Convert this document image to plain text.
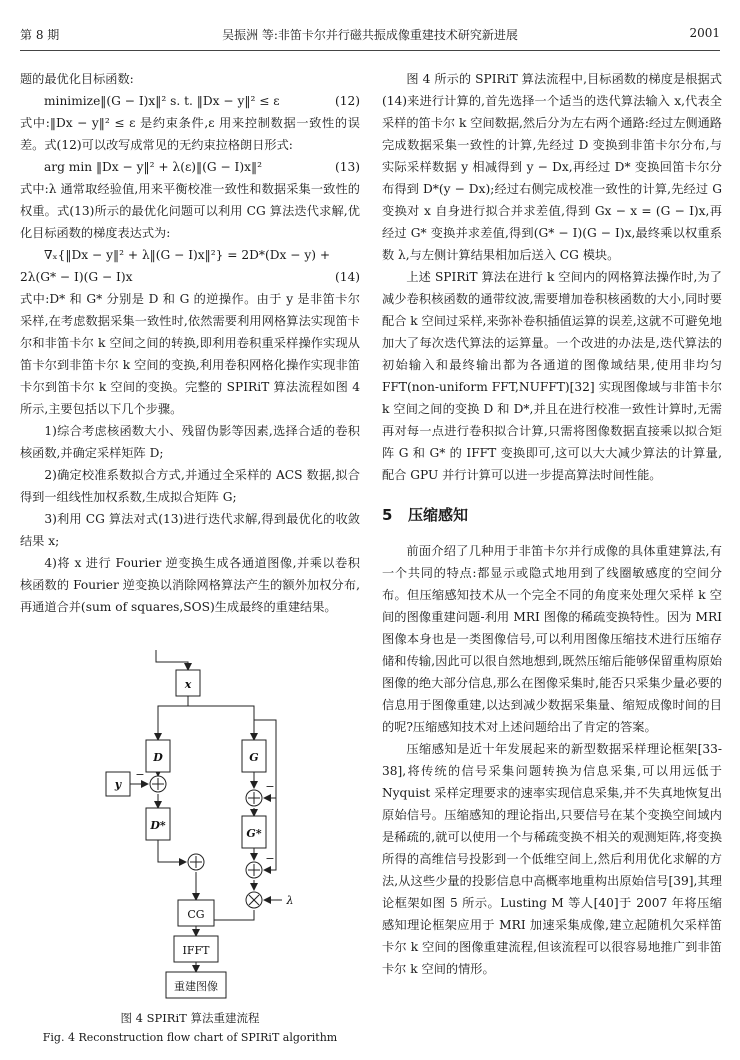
第 8 期	吴振洲 等:非笛卡尔并行磁共振成像重建技术研究新进展	2001

题的最优化目标函数:

minimize‖(G − I)x‖² s. t. ‖Dx − y‖² ≤ ε	(12)

式中:‖Dx − y‖² ≤ ε 是约束条件,ε 用来控制数据一致性的误差。式(12)可以改写成常见的无约束拉格朗日形式:

arg min ‖Dx − y‖² + λ(ε)‖(G − I)x‖²	(13)

式中:λ 通常取经验值,用来平衡校准一致性和数据采集一致性的权重。式(13)所示的最优化问题可以利用 CG 算法迭代求解,优化目标函数的梯度表达式为:

∇ₓ{‖Dx − y‖² + λ‖(G − I)x‖²} = 2D*(Dx − y) +
2λ(G* − I)(G − I)x	(14)

式中:D* 和 G* 分别是 D 和 G 的逆操作。由于 y 是非笛卡尔采样,在考虑数据采集一致性时,依然需要利用网格算法实现笛卡尔和非笛卡尔 k 空间之间的转换,即利用卷积重采样操作实现从笛卡尔到非笛卡尔 k 空间的变换,利用卷积网格化操作实现非笛卡尔到笛卡尔 k 空间的变换。完整的 SPIRiT 算法流程如图 4 所示,主要包括以下几个步骤。

1)综合考虑核函数大小、残留伪影等因素,选择合适的卷积核函数,并确定采样矩阵 D;

2)确定校准系数拟合方式,并通过全采样的 ACS 数据,拟合得到一组线性加权系数,生成拟合矩阵 G;

3)利用 CG 算法对式(13)进行迭代求解,得到最优化的收敛结果 x;

4)将 x 进行 Fourier 逆变换生成各通道图像,并乘以卷积核函数的 Fourier 逆变换以消除网格算法产生的额外加权分布,再通道合并(sum of squares,SOS)生成最终的重建结果。

x
D	G
y
D*
G*
CG
IFFT
重建图像
λ
−
−
−
图 4 SPIRiT 算法重建流程
Fig. 4 Reconstruction flow chart of SPIRiT algorithm

图 4 所示的 SPIRiT 算法流程中,目标函数的梯度是根据式(14)来进行计算的,首先选择一个适当的迭代算法输入 x,代表全采样的笛卡尔 k 空间数据,然后分为左右两个通路:经过左侧通路完成数据采集一致性的计算,先经过 D 变换到非笛卡尔分布,与实际采样数据 y 相减得到 y − Dx,再经过 D* 变换回笛卡尔分布得到 D*(y − Dx);经过右侧完成校准一致性的计算,先经过 G 变换对 x 自身进行拟合并求差值,得到 Gx − x = (G − I)x,再经过 G* 变换并求差值,得到(G* − I)(G − I)x,最终乘以权重系数 λ,与左侧计算结果相加后送入 CG 模块。

上述 SPIRiT 算法在进行 k 空间内的网格算法操作时,为了减少卷积核函数的通带纹波,需要增加卷积核函数的大小,同时要配合 k 空间过采样,来弥补卷积插值运算的误差,这就不可避免地加大了每次迭代算法的运算量。一个改进的办法是,迭代算法的初始输入和最终输出都为各通道的图像域结果,使用非均匀 FFT(non-uniform FFT,NUFFT)[32] 实现图像域与非笛卡尔 k 空间之间的变换 D 和 D*,并且在进行校准一致性计算时,无需再对每一点进行卷积拟合计算,只需将图像数据直接乘以拟合矩阵 G 和 G* 的 IFFT 变换即可,这可以大大减少算法的计算量,配合 GPU 并行计算可以进一步提高算法时间性能。

5 压缩感知

前面介绍了几种用于非笛卡尔并行成像的具体重建算法,有一个共同的特点:都显示或隐式地用到了线圈敏感度的空间分布。但压缩感知技术从一个完全不同的角度来处理欠采样 k 空间的图像重建问题-利用 MRI 图像的稀疏变换特性。因为 MRI 图像本身也是一类图像信号,可以利用图像压缩技术进行压缩存储和传输,因此可以很自然地想到,既然压缩后能够保留重构原始图像的绝大部分信息,那么在图像采集时,能否只采集少量必要的信息用于图像重建,以达到减少数据采集量、缩短成像时间的目的呢?压缩感知技术对上述问题给出了肯定的答案。

压缩感知是近十年发展起来的新型数据采样理论框架[33-38],将传统的信号采集问题转换为信息采集,可以用远低于 Nyquist 采样定理要求的速率实现信息采集,并不失真地恢复出原始信号。压缩感知的理论指出,只要信号在某个变换空间域内是稀疏的,就可以使用一个与稀疏变换不相关的观测矩阵,将变换所得的高维信号投影到一个低维空间上,然后利用优化求解的方法,从这些少量的投影信息中高概率地重构出原始信号[39],其理论框架如图 5 所示。Lusting M 等人[40]于 2007 年将压缩感知理论框架应用于 MRI 加速采集成像,建立起随机欠采样笛卡尔 k 空间的图像重建流程,但该流程可以很容易地推广到非笛卡尔 k 空间的情形。
